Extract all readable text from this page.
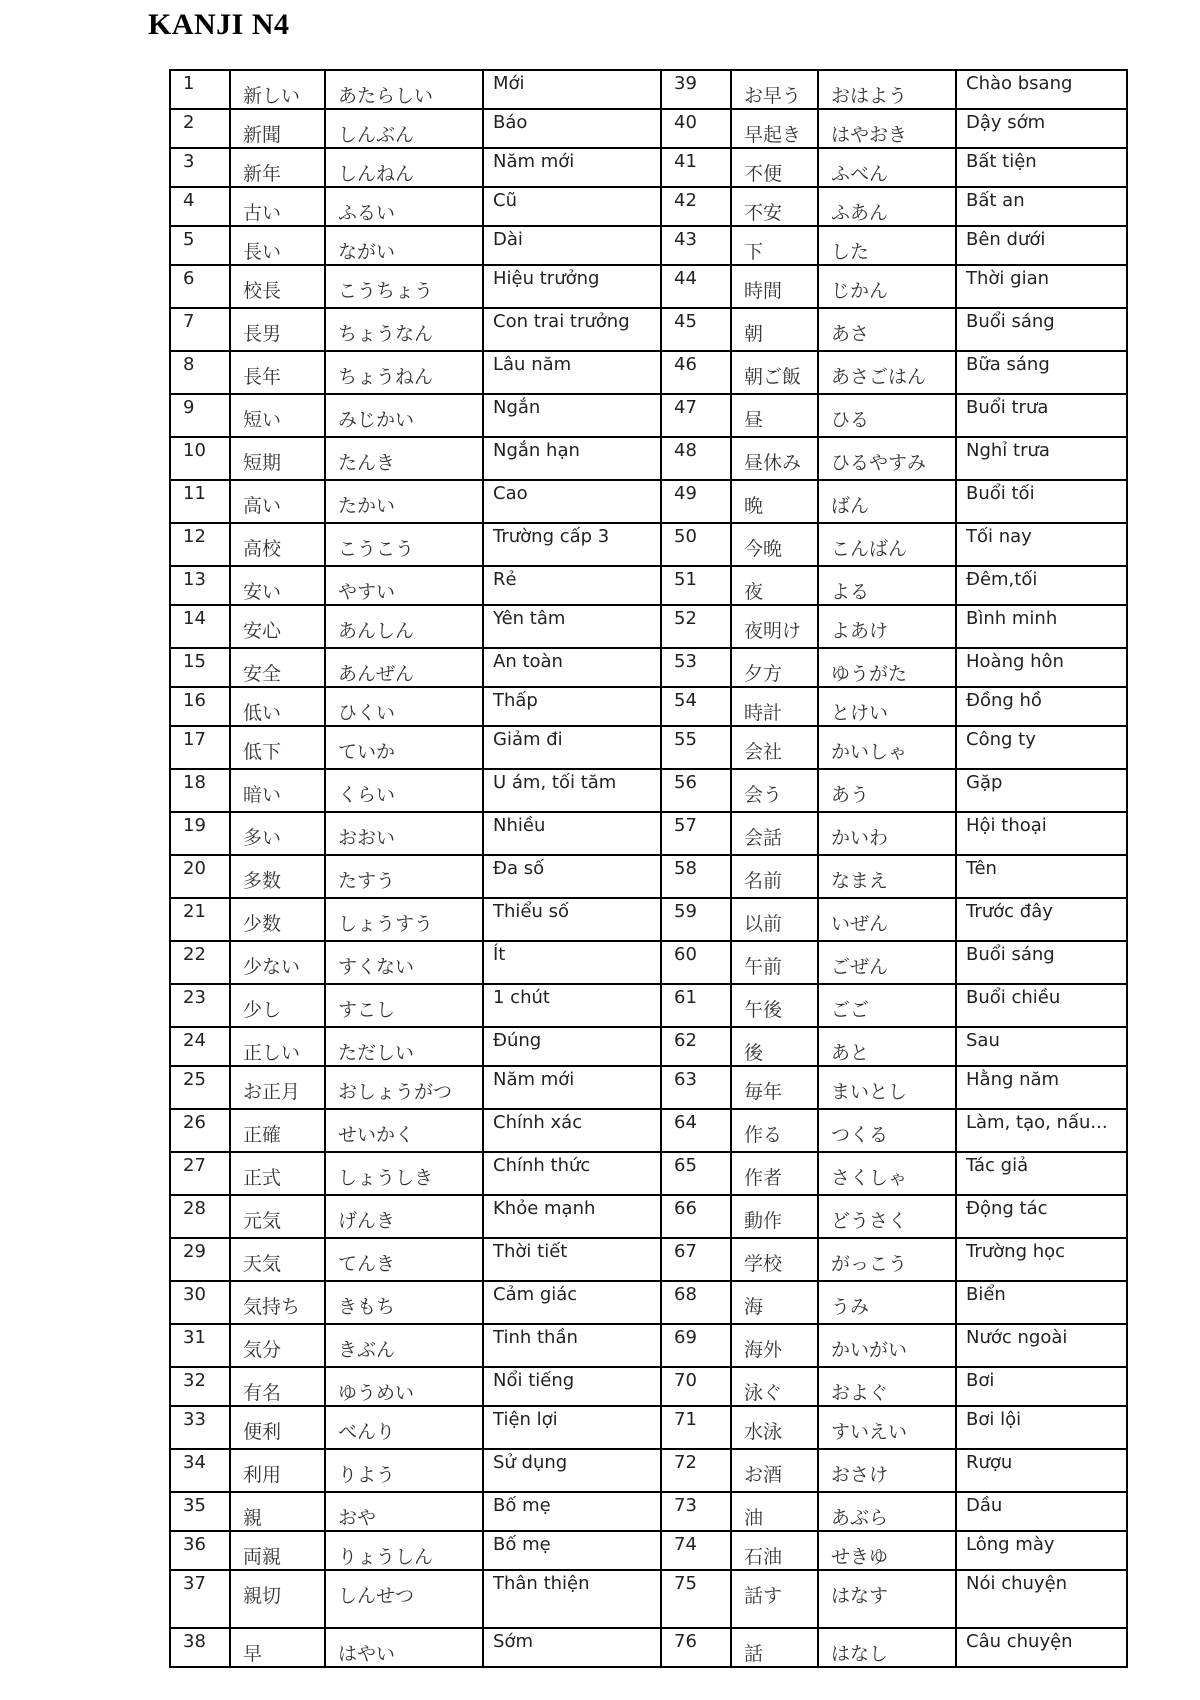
KANJI N4
1	新しい	あたらしい	Mới	39	お早う	おはよう	Chào bsang
2	新聞	しんぶん	Báo	40	早起き	はやおき	Dậy sớm
3	新年	しんねん	Năm mới	41	不便	ふべん	Bất tiện
4	古い	ふるい	Cũ	42	不安	ふあん	Bất an
5	長い	ながい	Dài	43	下	した	Bên dưới
6	校長	こうちょう	Hiệu trưởng	44	時間	じかん	Thời gian
7	長男	ちょうなん	Con trai trưởng	45	朝	あさ	Buổi sáng
8	長年	ちょうねん	Lâu năm	46	朝ご飯	あさごはん	Bữa sáng
9	短い	みじかい	Ngắn	47	昼	ひる	Buổi trưa
10	短期	たんき	Ngắn hạn	48	昼休み	ひるやすみ	Nghỉ trưa
11	高い	たかい	Cao	49	晩	ばん	Buổi tối
12	高校	こうこう	Trường cấp 3	50	今晩	こんばん	Tối nay
13	安い	やすい	Rẻ	51	夜	よる	Đêm,tối
14	安心	あんしん	Yên tâm	52	夜明け	よあけ	Bình minh
15	安全	あんぜん	An toàn	53	夕方	ゆうがた	Hoàng hôn
16	低い	ひくい	Thấp	54	時計	とけい	Đồng hồ
17	低下	ていか	Giảm đi	55	会社	かいしゃ	Công ty
18	暗い	くらい	U ám, tối tăm	56	会う	あう	Gặp
19	多い	おおい	Nhiều	57	会話	かいわ	Hội thoại
20	多数	たすう	Đa số	58	名前	なまえ	Tên
21	少数	しょうすう	Thiểu số	59	以前	いぜん	Trước đây
22	少ない	すくない	Ít	60	午前	ごぜん	Buổi sáng
23	少し	すこし	1 chút	61	午後	ごご	Buổi chiều
24	正しい	ただしい	Đúng	62	後	あと	Sau
25	お正月	おしょうがつ	Năm mới	63	毎年	まいとし	Hằng năm
26	正確	せいかく	Chính xác	64	作る	つくる	Làm, tạo, nấu...
27	正式	しょうしき	Chính thức	65	作者	さくしゃ	Tác giả
28	元気	げんき	Khỏe mạnh	66	動作	どうさく	Động tác
29	天気	てんき	Thời tiết	67	学校	がっこう	Trường học
30	気持ち	きもち	Cảm giác	68	海	うみ	Biển
31	気分	きぶん	Tinh thần	69	海外	かいがい	Nước ngoài
32	有名	ゆうめい	Nổi tiếng	70	泳ぐ	およぐ	Bơi
33	便利	べんり	Tiện lợi	71	水泳	すいえい	Bơi lội
34	利用	りよう	Sử dụng	72	お酒	おさけ	Rượu
35	親	おや	Bố mẹ	73	油	あぶら	Dầu
36	両親	りょうしん	Bố mẹ	74	石油	せきゆ	Lông mày
37	親切	しんせつ	Thân thiện	75	話す	はなす	Nói chuyện
38	早	はやい	Sớm	76	話	はなし	Câu chuyện
